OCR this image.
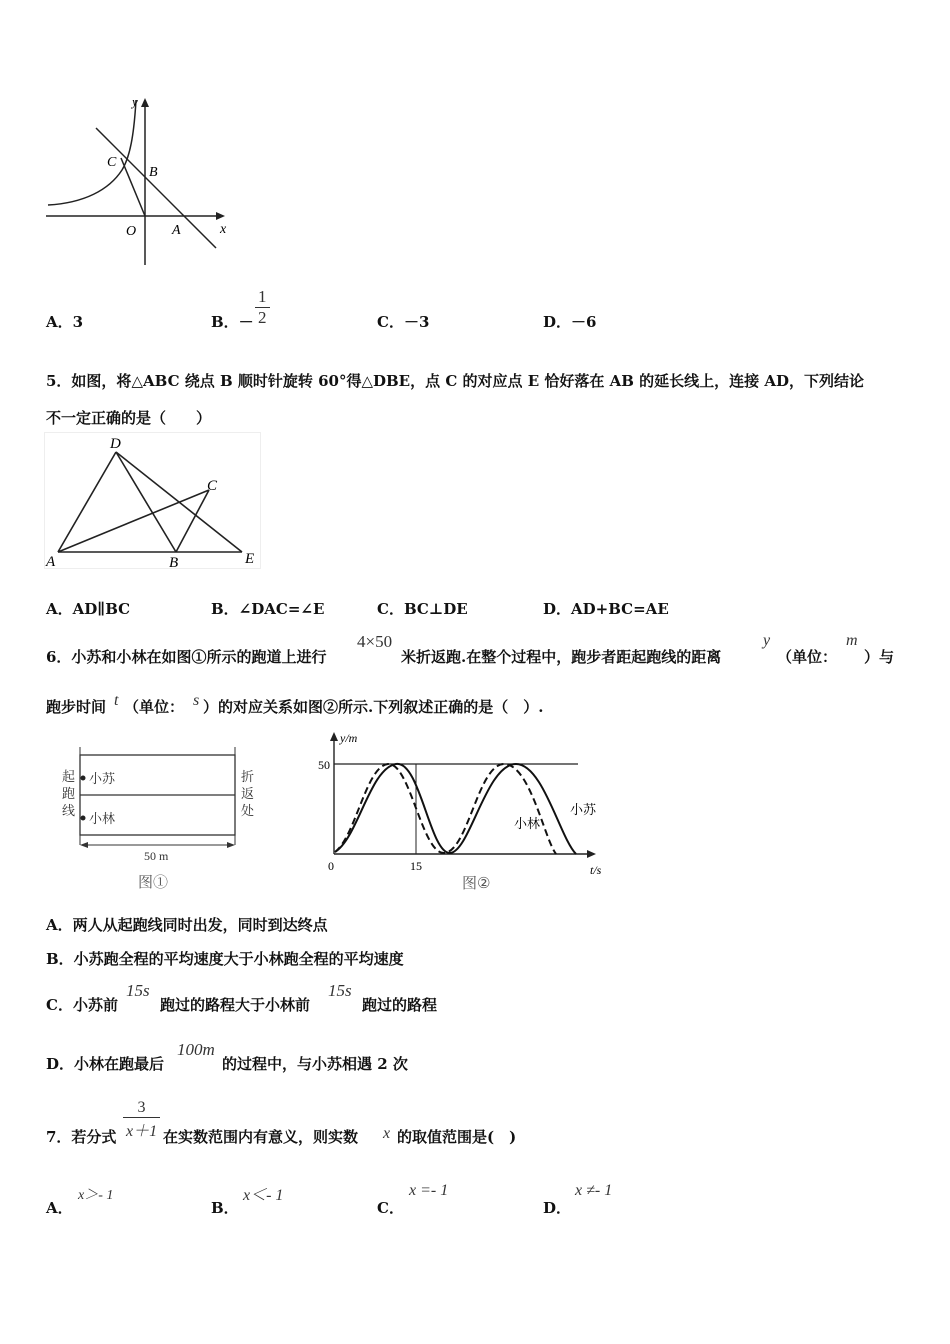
y
x
C
B
O	A
A．3	B．－ $\frac{1}{2}$	C．－3	D．－6
5．如图，将△ABC 绕点 B 顺时针旋转 60°得△DBE，点 C 的对应点 E 恰好落在 AB 的延长线上，连接 AD，下列结论
不一定正确的是（　　）
D
C
A	B	E
A．AD∥BC	B．∠DAC=∠E	C．BC⊥DE	D．AD+BC=AE
6．小苏和小林在如图①所示的跑道上进行
4×50
米折返跑.在整个过程中，跑步者距起跑线的距离
y
（单位：
m
）与
跑步时间 t （单位： s ）的对应关系如图②所示.下列叙述正确的是（　）.
起
跑
线
折
返
处
小苏
小林
50 m
图①
y/m
t/s
50
0	15
小苏
小林
图②
A．两人从起跑线同时出发，同时到达终点
B．小苏跑全程的平均速度大于小林跑全程的平均速度
C．小苏前
15s
跑过的路程大于小林前
15s
跑过的路程
D．小林在跑最后
100m
的过程中，与小苏相遇 2 次
7．若分式 $\frac{3}{x+1}$ 在实数范围内有意义，则实数 x 的取值范围是(　)
A．
x＞- 1
B．
x＜- 1
C．
x =- 1
D．
x ≠- 1
